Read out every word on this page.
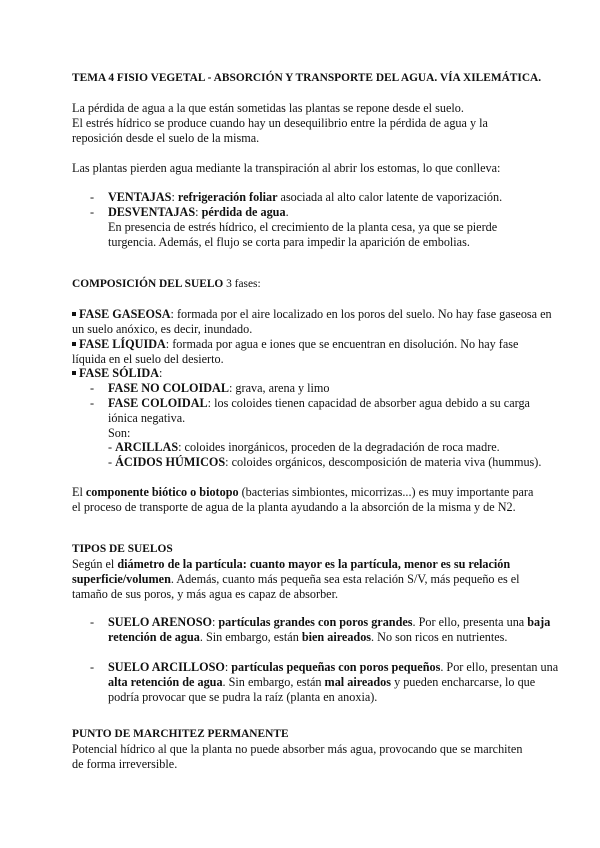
TEMA 4 FISIO VEGETAL - ABSORCIÓN Y TRANSPORTE DEL AGUA. VÍA XILEMÁTICA.
La pérdida de agua a la que están sometidas las plantas se repone desde el suelo.
El estrés hídrico se produce cuando hay un desequilibrio entre la pérdida de agua y la
reposición desde el suelo de la misma.
Las plantas pierden agua mediante la transpiración al abrir los estomas, lo que conlleva:
- VENTAJAS: refrigeración foliar asociada al alto calor latente de vaporización.
- DESVENTAJAS: pérdida de agua.
En presencia de estrés hídrico, el crecimiento de la planta cesa, ya que se pierde
turgencia. Además, el flujo se corta para impedir la aparición de embolias.
COMPOSICIÓN DEL SUELO 3 fases:
FASE GASEOSA: formada por el aire localizado en los poros del suelo. No hay fase gaseosa en
un suelo anóxico, es decir, inundado.
FASE LÍQUIDA: formada por agua e iones que se encuentran en disolución. No hay fase
líquida en el suelo del desierto.
FASE SÓLIDA:
- FASE NO COLOIDAL: grava, arena y limo
- FASE COLOIDAL: los coloides tienen capacidad de absorber agua debido a su carga
iónica negativa.
Son:
- ARCILLAS: coloides inorgánicos, proceden de la degradación de roca madre.
- ÁCIDOS HÚMICOS: coloides orgánicos, descomposición de materia viva (hummus).
El componente biótico o biotopo (bacterias simbiontes, micorrizas...) es muy importante para
el proceso de transporte de agua de la planta ayudando a la absorción de la misma y de N2.
TIPOS DE SUELOS
Según el diámetro de la partícula: cuanto mayor es la partícula, menor es su relación
superficie/volumen. Además, cuanto más pequeña sea esta relación S/V, más pequeño es el
tamaño de sus poros, y más agua es capaz de absorber.
- SUELO ARENOSO: partículas grandes con poros grandes. Por ello, presenta una baja
retención de agua. Sin embargo, están bien aireados. No son ricos en nutrientes.
- SUELO ARCILLOSO: partículas pequeñas con poros pequeños. Por ello, presentan una
alta retención de agua. Sin embargo, están mal aireados y pueden encharcarse, lo que
podría provocar que se pudra la raíz (planta en anoxia).
PUNTO DE MARCHITEZ PERMANENTE
Potencial hídrico al que la planta no puede absorber más agua, provocando que se marchiten
de forma irreversible.
